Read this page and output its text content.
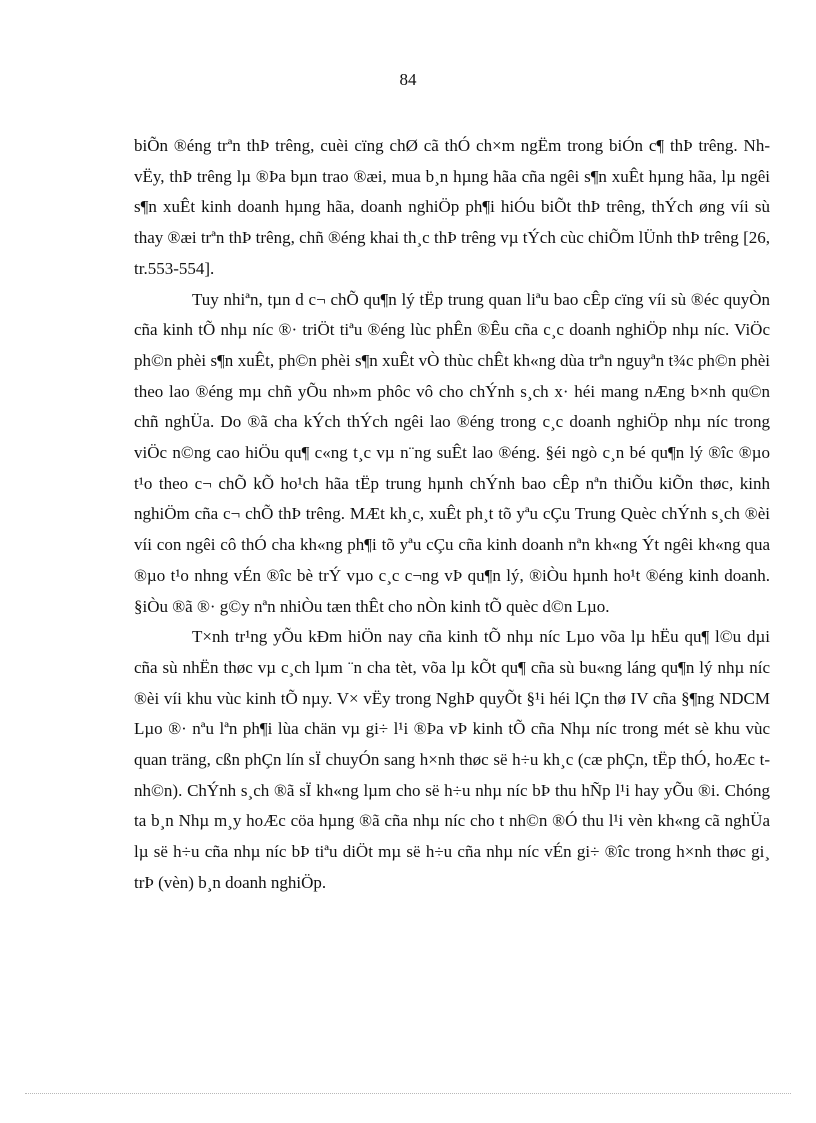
84

biÕn ®éng trªn thÞ trêng, cuèi cïng chØ cã thÓ ch×m ngËm trong biÓn c¶ thÞ trêng. Nh vËy, thÞ trêng lµ ®Þa bµn trao ®æi, mua b¸n hµng hãa cña ngêi s¶n xuÊt hµng hãa, lµ ngêi s¶n xuÊt kinh doanh hµng hãa, doanh nghiÖp ph¶i hiÓu biÕt thÞ trêng, thÝch øng víi sù thay ®æi trªn thÞ trêng, chñ ®éng khai th¸c thÞ trêng vµ tÝch cùc chiÕm lÜnh thÞ trêng [26, tr.553-554].

Tuy nhiªn, tµn d c¬ chÕ qu¶n lý tËp trung quan liªu bao cÊp cïng víi sù ®éc quyÒn cña kinh tÕ nhµ níc ®· triÖt tiªu ®éng lùc phÊn ®Êu cña c¸c doanh nghiÖp nhµ níc. ViÖc ph©n phèi s¶n xuÊt, ph©n phèi s¶n xuÊt vÒ thùc chÊt kh«ng dùa trªn nguyªn t¾c ph©n phèi theo lao ®éng mµ chñ yÕu nh»m phôc vô cho chÝnh s¸ch x· héi mang nÆng b×nh qu©n chñ nghÜa. Do ®ã cha kÝch thÝch ngêi lao ®éng trong c¸c doanh nghiÖp nhµ níc trong viÖc n©ng cao hiÖu qu¶ c«ng t¸c vµ n¨ng suÊt lao ®éng. §éi ngò c¸n bé qu¶n lý ®îc ®µo t¹o theo c¬ chÕ kÕ ho¹ch hãa tËp trung hµnh chÝnh bao cÊp nªn thiÕu kiÕn thøc, kinh nghiÖm cña c¬ chÕ thÞ trêng. MÆt kh¸c, xuÊt ph¸t tõ yªu cÇu Trung Quèc chÝnh s¸ch ®èi víi con ngêi cô thÓ cha kh«ng ph¶i tõ yªu cÇu cña kinh doanh nªn kh«ng Ýt ngêi kh«ng qua ®µo t¹o nhng vÉn ®îc bè trÝ vµo c¸c c¬ng vÞ qu¶n lý, ®iÒu hµnh ho¹t ®éng kinh doanh. §iÒu ®ã ®· g©y nªn nhiÒu tæn thÊt cho nÒn kinh tÕ quèc d©n Lµo.

T×nh tr¹ng yÕu kÐm hiÖn nay cña kinh tÕ nhµ níc Lµo võa lµ hËu qu¶ l©u dµi cña sù nhËn thøc vµ c¸ch lµm ¨n cha tèt, võa lµ kÕt qu¶ cña sù bu«ng láng qu¶n lý nhµ níc ®èi víi khu vùc kinh tÕ nµy. V× vËy trong NghÞ quyÕt §¹i héi lÇn thø IV cña §¶ng NDCM Lµo ®· nªu lªn ph¶i lùa chän vµ gi÷ l¹i ®Þa vÞ kinh tÕ cña Nhµ níc trong mét sè khu vùc quan träng, cßn phÇn lín sÏ chuyÓn sang h×nh thøc së h÷u kh¸c (cæ phÇn, tËp thÓ, hoÆc t nh©n). ChÝnh s¸ch ®ã sÏ kh«ng lµm cho së h÷u nhµ níc bÞ thu hÑp l¹i hay yÕu ®i. Chóng ta b¸n Nhµ m¸y hoÆc cöa hµng ®ã cña nhµ níc cho t nh©n ®Ó thu l¹i vèn kh«ng cã nghÜa lµ së h÷u cña nhµ níc bÞ tiªu diÖt mµ së h÷u cña nhµ níc vÉn gi÷ ®îc trong h×nh thøc gi¸ trÞ (vèn) b¸n doanh nghiÖp.
